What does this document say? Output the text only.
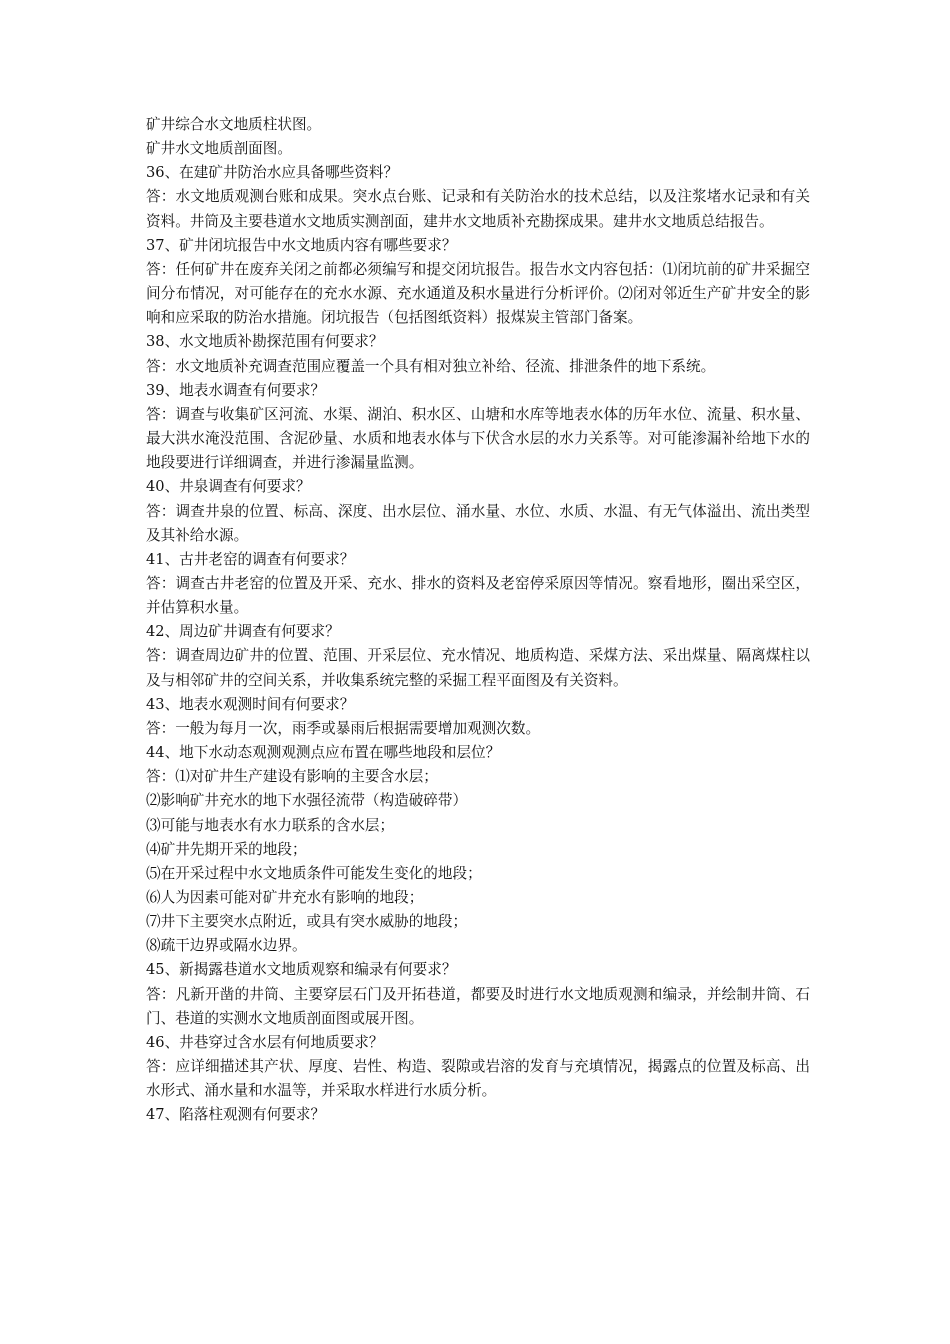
矿井综合水文地质柱状图。
矿井水文地质剖面图。
36、在建矿井防治水应具备哪些资料？
答：水文地质观测台账和成果。突水点台账、记录和有关防治水的技术总结，以及注浆堵水记录和有关资料。井筒及主要巷道水文地质实测剖面，建井水文地质补充勘探成果。建井水文地质总结报告。
37、矿井闭坑报告中水文地质内容有哪些要求？
答：任何矿井在废弃关闭之前都必须编写和提交闭坑报告。报告水文内容包括：⑴闭坑前的矿井采掘空间分布情况，对可能存在的充水水源、充水通道及积水量进行分析评价。⑵闭对邻近生产矿井安全的影响和应采取的防治水措施。闭坑报告（包括图纸资料）报煤炭主管部门备案。
38、水文地质补勘探范围有何要求？
答：水文地质补充调查范围应覆盖一个具有相对独立补给、径流、排泄条件的地下系统。
39、地表水调查有何要求？
答：调查与收集矿区河流、水渠、湖泊、积水区、山塘和水库等地表水体的历年水位、流量、积水量、最大洪水淹没范围、含泥砂量、水质和地表水体与下伏含水层的水力关系等。对可能渗漏补给地下水的地段要进行详细调查，并进行渗漏量监测。
40、井泉调查有何要求？
答：调查井泉的位置、标高、深度、出水层位、涌水量、水位、水质、水温、有无气体溢出、流出类型及其补给水源。
41、古井老窑的调查有何要求？
答：调查古井老窑的位置及开采、充水、排水的资料及老窑停采原因等情况。察看地形，圈出采空区，并估算积水量。
42、周边矿井调查有何要求？
答：调查周边矿井的位置、范围、开采层位、充水情况、地质构造、采煤方法、采出煤量、隔离煤柱以及与相邻矿井的空间关系，并收集系统完整的采掘工程平面图及有关资料。
43、地表水观测时间有何要求？
答：一般为每月一次，雨季或暴雨后根据需要增加观测次数。
44、地下水动态观测观测点应布置在哪些地段和层位？
答：⑴对矿井生产建设有影响的主要含水层；
⑵影响矿井充水的地下水强径流带（构造破碎带）
⑶可能与地表水有水力联系的含水层；
⑷矿井先期开采的地段；
⑸在开采过程中水文地质条件可能发生变化的地段；
⑹人为因素可能对矿井充水有影响的地段；
⑺井下主要突水点附近，或具有突水威胁的地段；
⑻疏干边界或隔水边界。
45、新揭露巷道水文地质观察和编录有何要求？
答：凡新开凿的井筒、主要穿层石门及开拓巷道，都要及时进行水文地质观测和编录，并绘制井筒、石门、巷道的实测水文地质剖面图或展开图。
46、井巷穿过含水层有何地质要求？
答：应详细描述其产状、厚度、岩性、构造、裂隙或岩溶的发育与充填情况，揭露点的位置及标高、出水形式、涌水量和水温等，并采取水样进行水质分析。
47、陷落柱观测有何要求？
